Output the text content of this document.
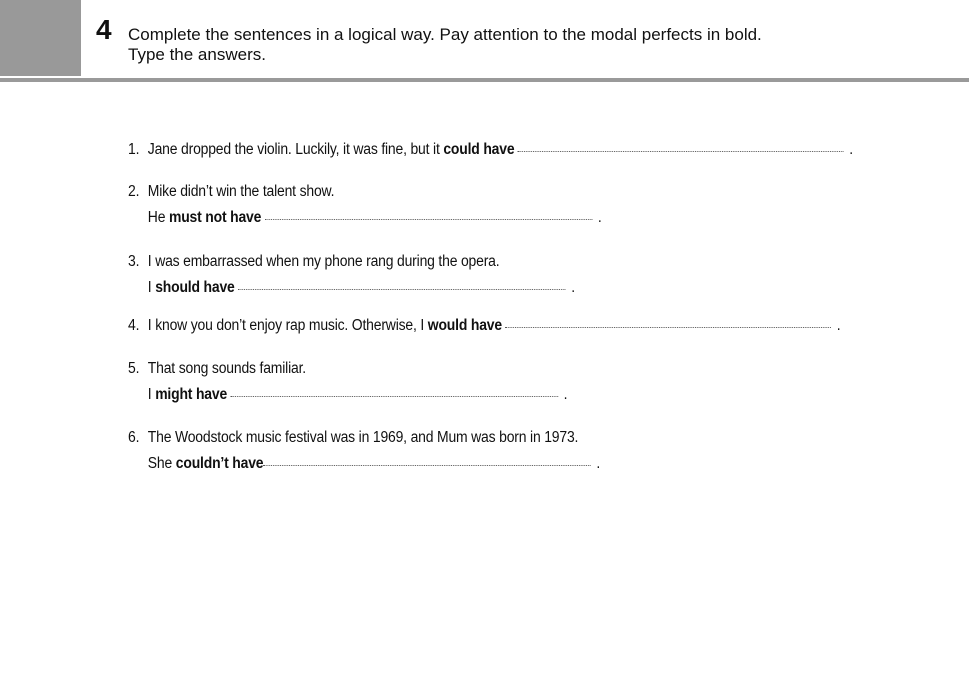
4 Complete the sentences in a logical way. Pay attention to the modal perfects in bold.
Type the answers.
1. Jane dropped the violin. Luckily, it was fine, but it could have	.
2. Mike didn’t win the talent show.
He must not have	.
3. I was embarrassed when my phone rang during the opera.
I should have	.
4. I know you don’t enjoy rap music. Otherwise, I would have	.
5. That song sounds familiar.
I might have	.
6. The Woodstock music festival was in 1969, and Mum was born in 1973.
She couldn’t have	.
